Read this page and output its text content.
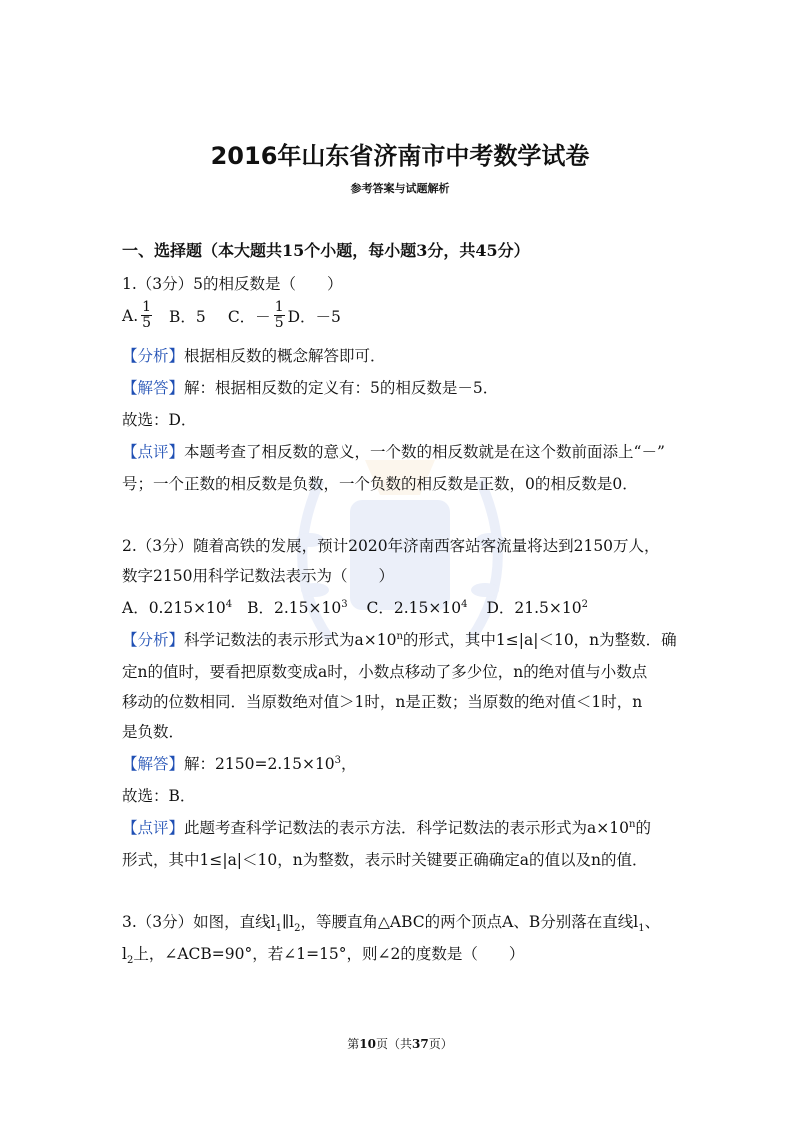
2016年山东省济南市中考数学试卷
参考答案与试题解析
一、选择题（本大题共15个小题，每小题3分，共45分）
1.（3分）5的相反数是（　　）
A. $\frac{1}{5}$ B．5 C．－ $\frac{1}{5}$ D．－5
【分析】根据相反数的概念解答即可．
【解答】解：根据相反数的定义有：5的相反数是－5．
故选：D．
【点评】本题考查了相反数的意义，一个数的相反数就是在这个数前面添上“－”
号；一个正数的相反数是负数，一个负数的相反数是正数，0的相反数是0．
2.（3分）随着高铁的发展，预计2020年济南西客站客流量将达到2150万人，
数字2150用科学记数法表示为（　　）
A．$0.215\times 10^4$ B．$2.15\times 10^3$ C．$2.15\times 10^4$ D．$21.5\times 10^2$
【分析】科学记数法的表示形式为$a\times 10^n$的形式，其中1≤|a|＜10，n为整数．确
定n的值时，要看把原数变成a时，小数点移动了多少位，n的绝对值与小数点
移动的位数相同．当原数绝对值＞1时，n是正数；当原数的绝对值＜1时，n
是负数．
【解答】解：$2150=2.15\times 10^3$，
故选：B．
【点评】此题考查科学记数法的表示方法．科学记数法的表示形式为$a\times 10^n$的
形式，其中1≤|a|＜10，n为整数，表示时关键要正确确定a的值以及n的值．
3.（3分）如图，直线$l_1\parallel l_2$，等腰直角△ABC的两个顶点A、B分别落在直线$l_1$、
$l_2$上，∠ACB=90°，若∠1=15°，则∠2的度数是（　　）
第10页（共37页）
